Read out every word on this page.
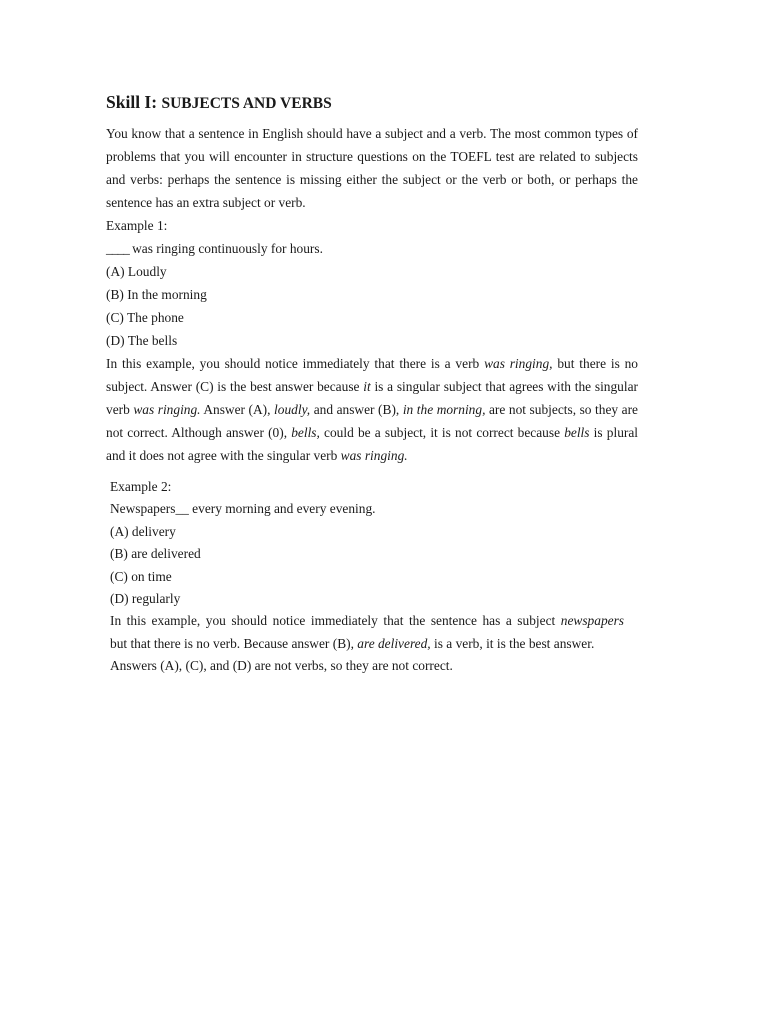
Skill I: SUBJECTS AND VERBS

You know that a sentence in English should have a subject and a verb. The most common types of problems that you will encounter in structure questions on the TOEFL test are related to subjects and verbs: perhaps the sentence is missing either the subject or the verb or both, or perhaps the sentence has an extra subject or verb.

Example 1:

____ was ringing continuously for hours.

(A) Loudly

(B) In the morning

(C) The phone

(D) The bells

In this example, you should notice immediately that there is a verb was ringing, but there is no subject. Answer (C) is the best answer because it is a singular subject that agrees with the singular verb was ringing. Answer (A), loudly, and answer (B), in the morning, are not subjects, so they are not correct. Although answer (0), bells, could be a subject, it is not correct because bells is plural and it does not agree with the singular verb was ringing.

Example 2:

Newspapers__ every morning and every evening.

(A) delivery

(B) are delivered

(C) on time

(D) regularly

In this example, you should notice immediately that the sentence has a subject newspapers
but that there is no verb. Because answer (B), are delivered, is a verb, it is the best answer.
Answers (A), (C), and (D) are not verbs, so they are not correct.
